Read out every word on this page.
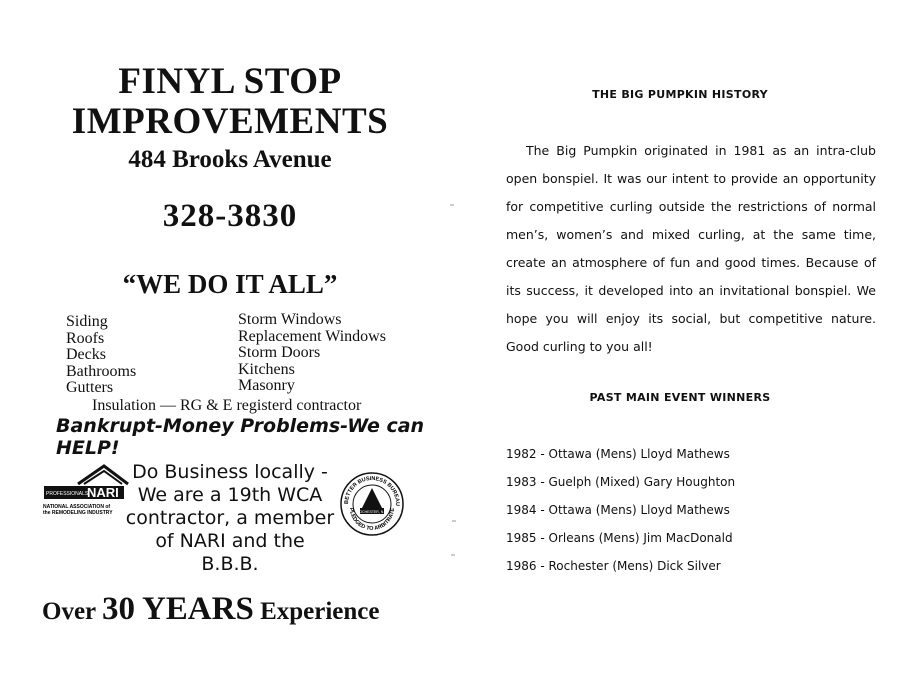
FINYL STOP
IMPROVEMENTS
484 Brooks Avenue
328-3830
“WE DO IT ALL”
Siding
Roofs
Decks
Bathrooms
Gutters
Storm Windows
Replacement Windows
Storm Doors
Kitchens
Masonry
Insulation — RG & E registerd contractor
Bankrupt-Money Problems-We can HELP!
PROFESSIONALS
NARI
NATIONAL ASSOCIATION of
the REMODELING INDUSTRY
Do Business locally -
We are a 19th WCA
contractor, a member
of NARI and the B.B.B.
BETTER BUSINESS BUREAU
PLEDGED TO ARBITRATE
ROCHESTER, N.Y.
Over 30 YEARS Experience
THE BIG PUMPKIN HISTORY

The Big Pumpkin originated in 1981 as an intra-club open bonspiel. It was our intent to provide an opportunity for competitive curling outside the restrictions of normal men’s, women’s and mixed curling, at the same time, create an atmosphere of fun and good times. Because of its success, it developed into an invitational bonspiel. We hope you will enjoy its social, but competitive nature. Good curling to you all!

PAST MAIN EVENT WINNERS
1982 - Ottawa (Mens) Lloyd Mathews
1983 - Guelph (Mixed) Gary Houghton
1984 - Ottawa (Mens) Lloyd Mathews
1985 - Orleans (Mens) Jim MacDonald
1986 - Rochester (Mens) Dick Silver
